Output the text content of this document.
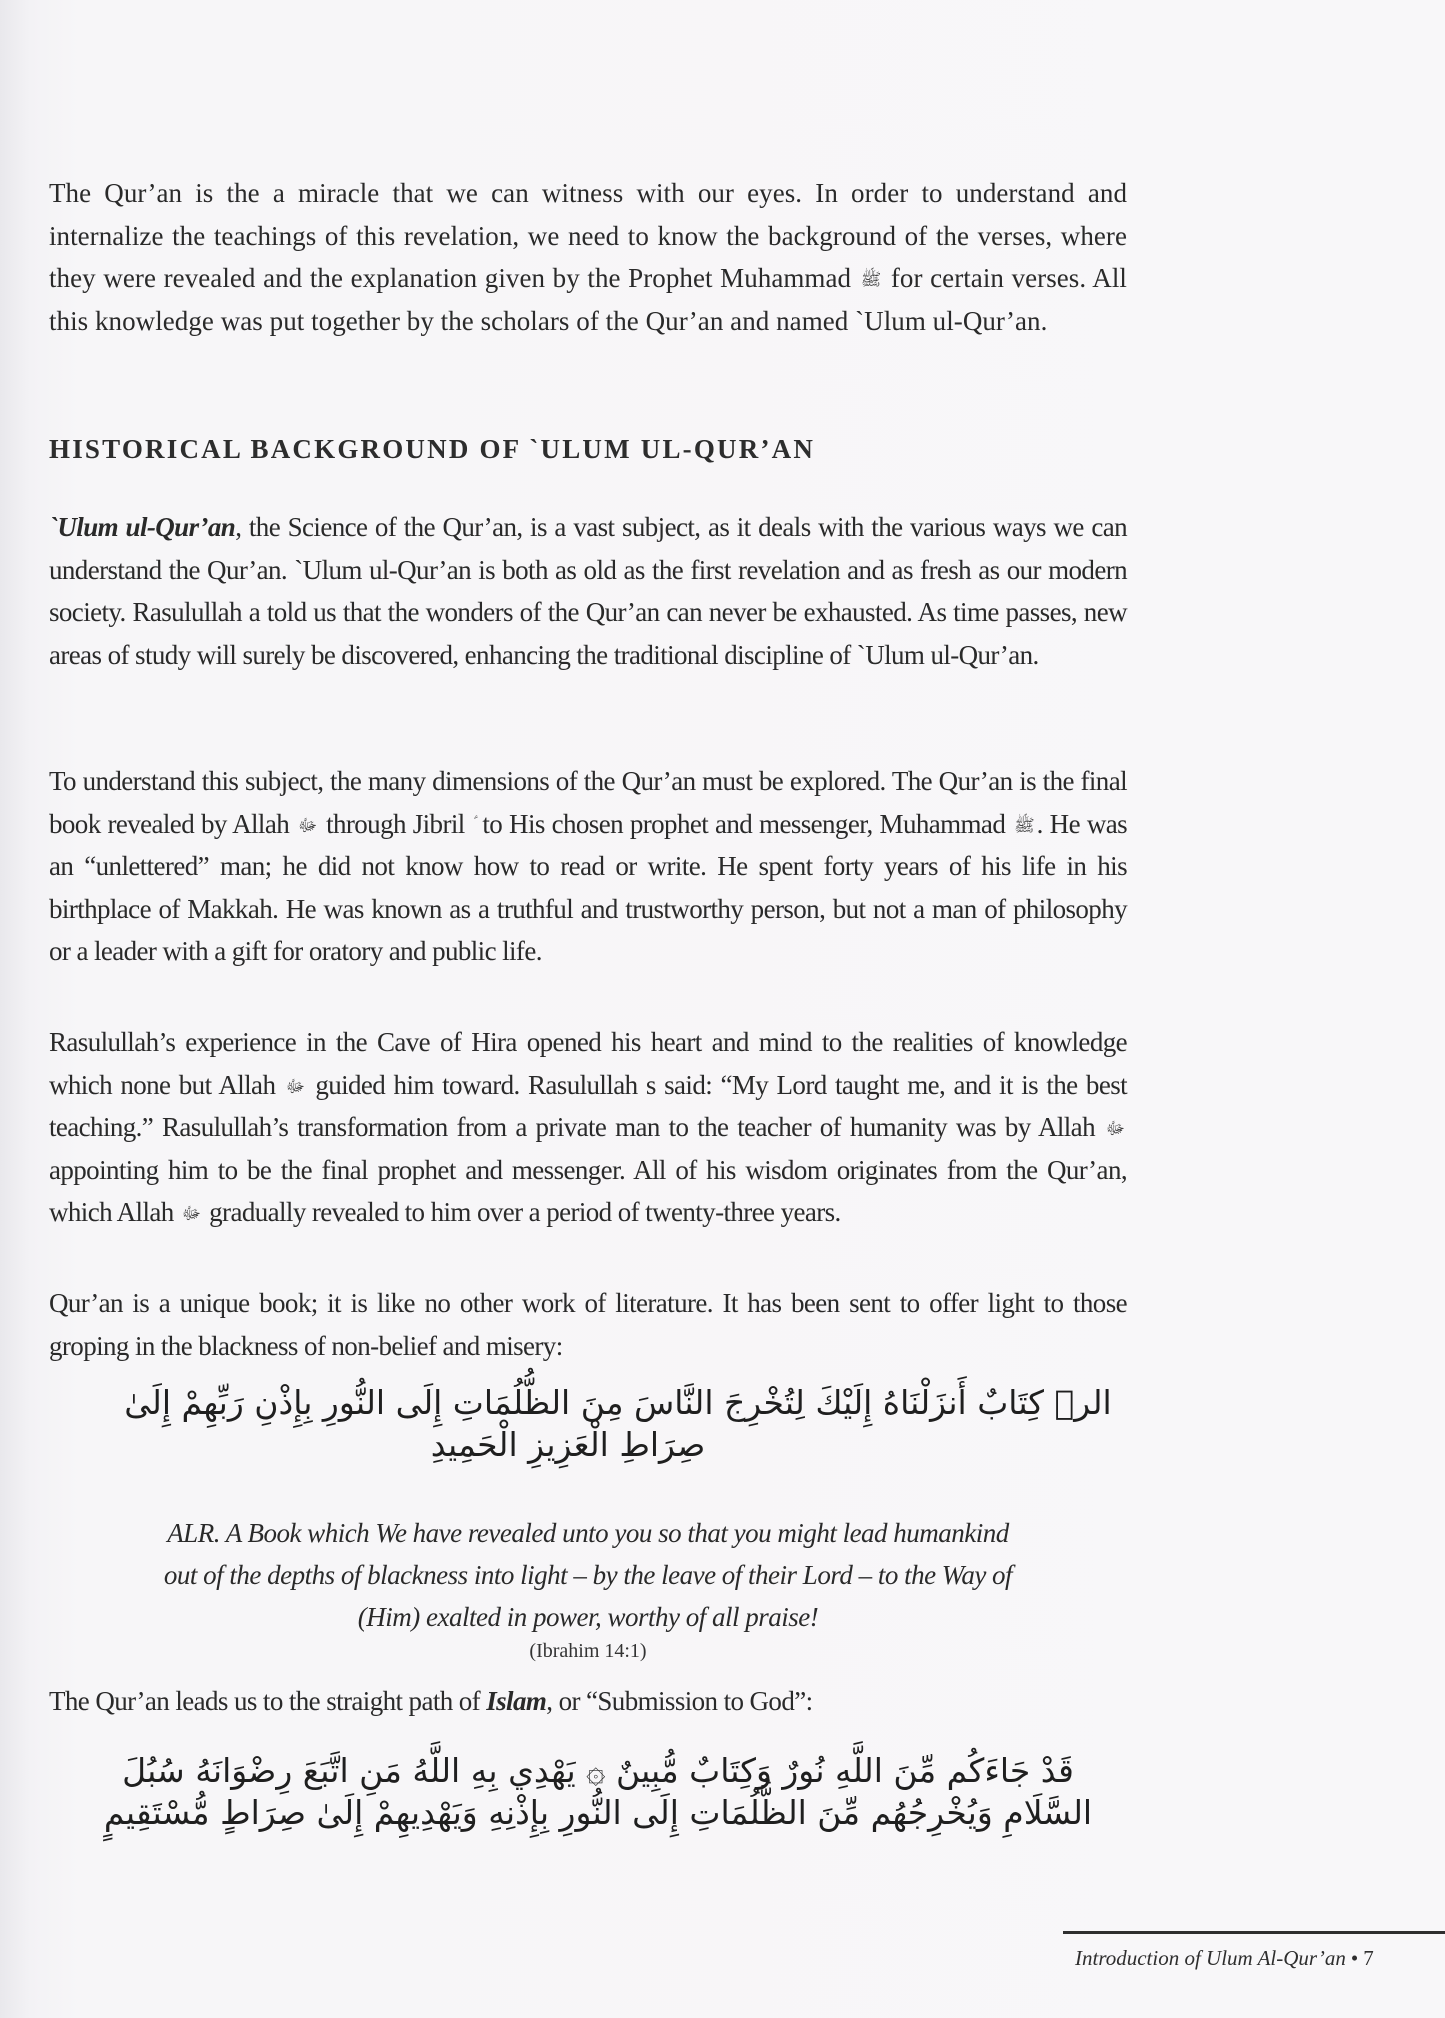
The Qur’an is the a miracle that we can witness with our eyes. In order to understand and internalize the teachings of this revelation, we need to know the background of the verses, where they were revealed and the explanation given by the Prophet Muhammad ﷺ for certain verses. All this knowledge was put together by the scholars of the Qur’an and named `Ulum ul-Qur’an.

HISTORICAL BACKGROUND OF `ULUM UL-QUR’AN

`Ulum ul-Qur’an, the Science of the Qur’an, is a vast subject, as it deals with the various ways we can understand the Qur’an. `Ulum ul-Qur’an is both as old as the first revelation and as fresh as our modern society. Rasulullah a told us that the wonders of the Qur’an can never be exhausted. As time passes, new areas of study will surely be discovered, enhancing the traditional discipline of `Ulum ul-Qur’an.

To understand this subject, the many dimensions of the Qur’an must be explored. The Qur’an is the final book revealed by Allah ﷻ through Jibril to His chosen prophet and messenger, Muhammad ﷺ. He was an “unlettered” man; he did not know how to read or write. He spent forty years of his life in his birthplace of Makkah. He was known as a truthful and trustworthy person, but not a man of philosophy or a leader with a gift for oratory and public life.

Rasulullah’s experience in the Cave of Hira opened his heart and mind to the realities of knowledge which none but Allah ﷻ guided him toward. Rasulullah s said: “My Lord taught me, and it is the best teaching.” Rasulullah’s transformation from a private man to the teacher of humanity was by Allah ﷻ appointing him to be the final prophet and messenger. All of his wisdom originates from the Qur’an, which Allah ﷻ gradually revealed to him over a period of twenty-three years.

Qur’an is a unique book; it is like no other work of literature. It has been sent to offer light to those groping in the blackness of non-belief and misery:

الرۚ كِتَابٌ أَنزَلْنَاهُ إِلَيْكَ لِتُخْرِجَ النَّاسَ مِنَ الظُّلُمَاتِ إِلَى النُّورِ بِإِذْنِ رَبِّهِمْ إِلَىٰ

صِرَاطِ الْعَزِيزِ الْحَمِيدِ

ALR. A Book which We have revealed unto you so that you might lead humankind

out of the depths of blackness into light – by the leave of their Lord – to the Way of

(Him) exalted in power, worthy of all praise!

(Ibrahim 14:1)

The Qur’an leads us to the straight path of Islam, or “Submission to God”:

قَدْ جَاءَكُم مِّنَ اللَّهِ نُورٌ وَكِتَابٌ مُّبِينٌ ۞ يَهْدِي بِهِ اللَّهُ مَنِ اتَّبَعَ رِضْوَانَهُ سُبُلَ

السَّلَامِ وَيُخْرِجُهُم مِّنَ الظُّلُمَاتِ إِلَى النُّورِ بِإِذْنِهِ وَيَهْدِيهِمْ إِلَىٰ صِرَاطٍ مُّسْتَقِيمٍ

Introduction of Ulum Al-Qur’an • 7
